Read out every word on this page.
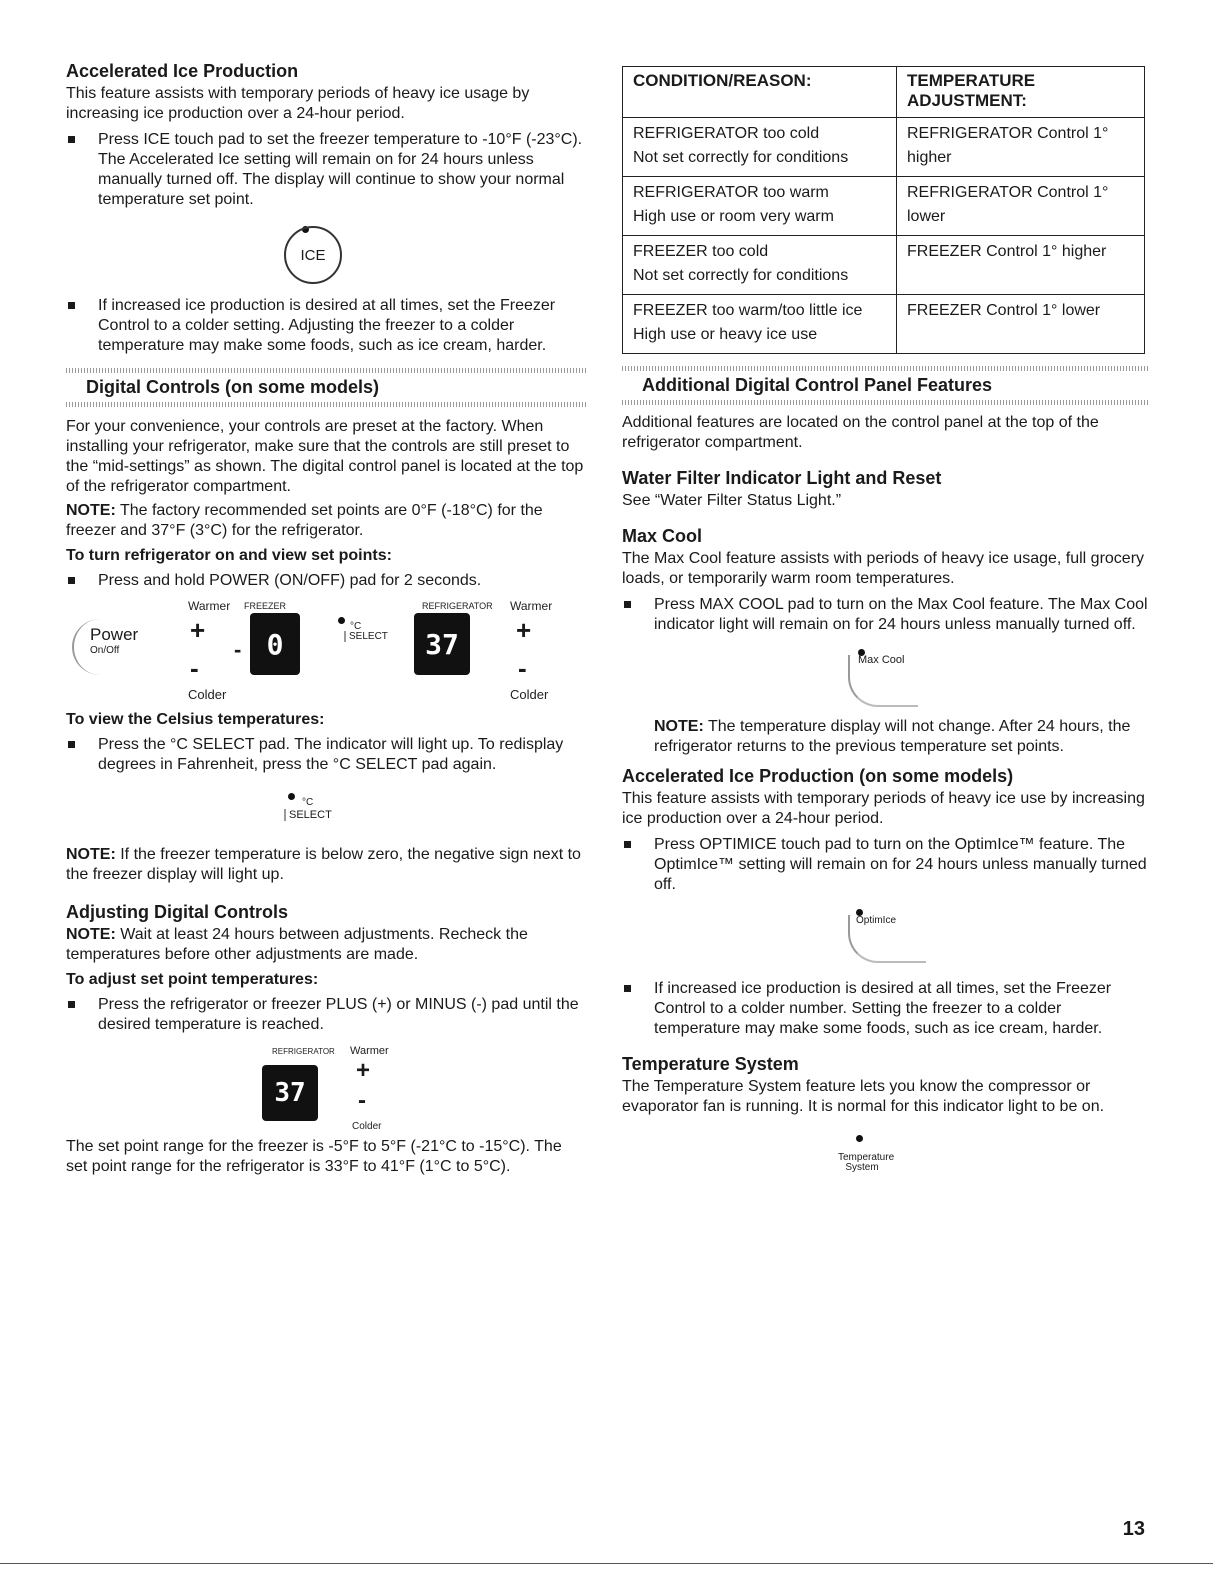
Accelerated Ice Production

This feature assists with temporary periods of heavy ice usage by increasing ice production over a 24-hour period.

Press ICE touch pad to set the freezer temperature to -10°F (-23°C). The Accelerated Ice setting will remain on for 24 hours unless manually turned off. The display will continue to show your normal temperature set point.
ICE
If increased ice production is desired at all times, set the Freezer Control to a colder setting. Adjusting the freezer to a colder temperature may make some foods, such as ice cream, harder.
Digital Controls (on some models)

For your convenience, your controls are preset at the factory. When installing your refrigerator, make sure that the controls are still preset to the “mid-settings” as shown. The digital control panel is located at the top of the refrigerator compartment.

NOTE: The factory recommended set points are 0°F (-18°C) for the freezer and 37°F (3°C) for the refrigerator.

To turn refrigerator on and view set points:
Press and hold POWER (ON/OFF) pad for 2 seconds.
Warmer FREEZER	REFRIGERATOR Warmer
Power
On/Off
+
-
-
0
°C
SELECT	37	+
-
Colder	Colder
To view the Celsius temperatures:
Press the °C SELECT pad. The indicator will light up. To redisplay degrees in Fahrenheit, press the °C SELECT pad again.
°C
SELECT

NOTE: If the freezer temperature is below zero, the negative sign next to the freezer display will light up.

Adjusting Digital Controls

NOTE: Wait at least 24 hours between adjustments. Recheck the temperatures before other adjustments are made.

To adjust set point temperatures:
Press the refrigerator or freezer PLUS (+) or MINUS (-) pad until the desired temperature is reached.
REFRIGERATOR Warmer
37
+
-
Colder

The set point range for the freezer is -5°F to 5°F (-21°C to -15°C). The set point range for the refrigerator is 33°F to 41°F (1°C to 5°C).

CONDITION/REASON:	TEMPERATURE ADJUSTMENT:

REFRIGERATOR too cold
Not set correctly for conditions	REFRIGERATOR Control 1° higher

REFRIGERATOR too warm
High use or room very warm	REFRIGERATOR Control 1° lower

FREEZER too cold
Not set correctly for conditions	FREEZER Control 1° higher

FREEZER too warm/too little ice
High use or heavy ice use	FREEZER Control 1° lower
Additional Digital Control Panel Features

Additional features are located on the control panel at the top of the refrigerator compartment.

Water Filter Indicator Light and Reset

See “Water Filter Status Light.”

Max Cool

The Max Cool feature assists with periods of heavy ice usage, full grocery loads, or temporarily warm room temperatures.

Press MAX COOL pad to turn on the Max Cool feature. The Max Cool indicator light will remain on for 24 hours unless manually turned off.
Max Cool

NOTE: The temperature display will not change. After 24 hours, the refrigerator returns to the previous temperature set points.

Accelerated Ice Production (on some models)

This feature assists with temporary periods of heavy ice use by increasing ice production over a 24-hour period.

Press OPTIMICE touch pad to turn on the OptimIce™ feature. The OptimIce™ setting will remain on for 24 hours unless manually turned off.
OptimIce
If increased ice production is desired at all times, set the Freezer Control to a colder number. Setting the freezer to a colder temperature may make some foods, such as ice cream, harder.
Temperature System

The Temperature System feature lets you know the compressor or evaporator fan is running. It is normal for this indicator light to be on.

Temperature
System
13
